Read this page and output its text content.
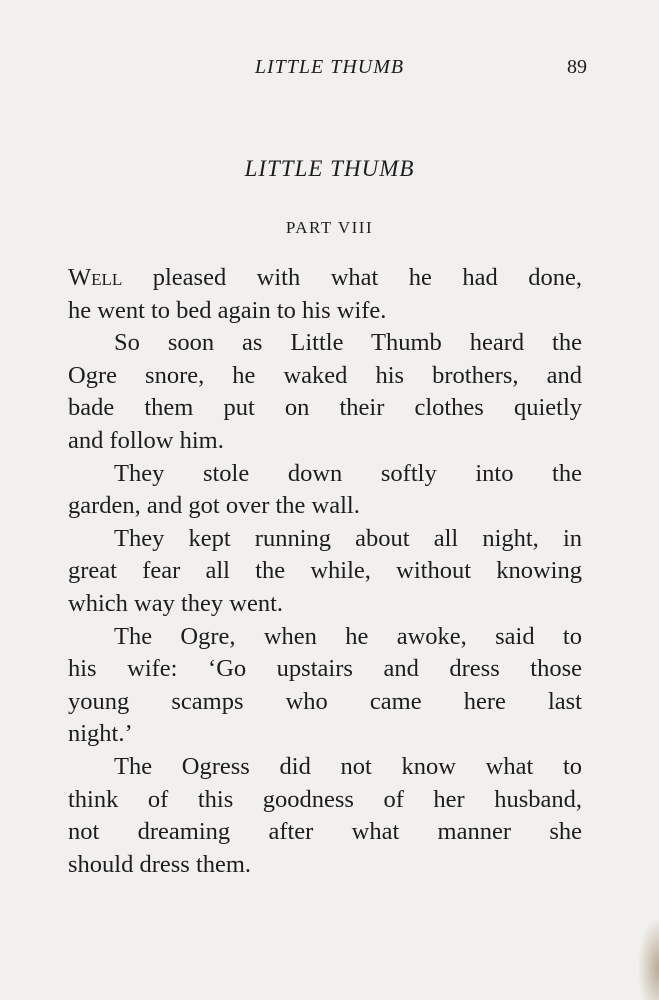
LITTLE THUMB	89
LITTLE THUMB
PART VIII
Well pleased with what he had done,
he went to bed again to his wife.
So soon as Little Thumb heard the
Ogre snore, he waked his brothers, and
bade them put on their clothes quietly
and follow him.
They stole down softly into the
garden, and got over the wall.
They kept running about all night, in
great fear all the while, without knowing
which way they went.
The Ogre, when he awoke, said to
his wife: ‘Go upstairs and dress those
young scamps who came here last
night.’
The Ogress did not know what to
think of this goodness of her husband,
not dreaming after what manner she
should dress them.
